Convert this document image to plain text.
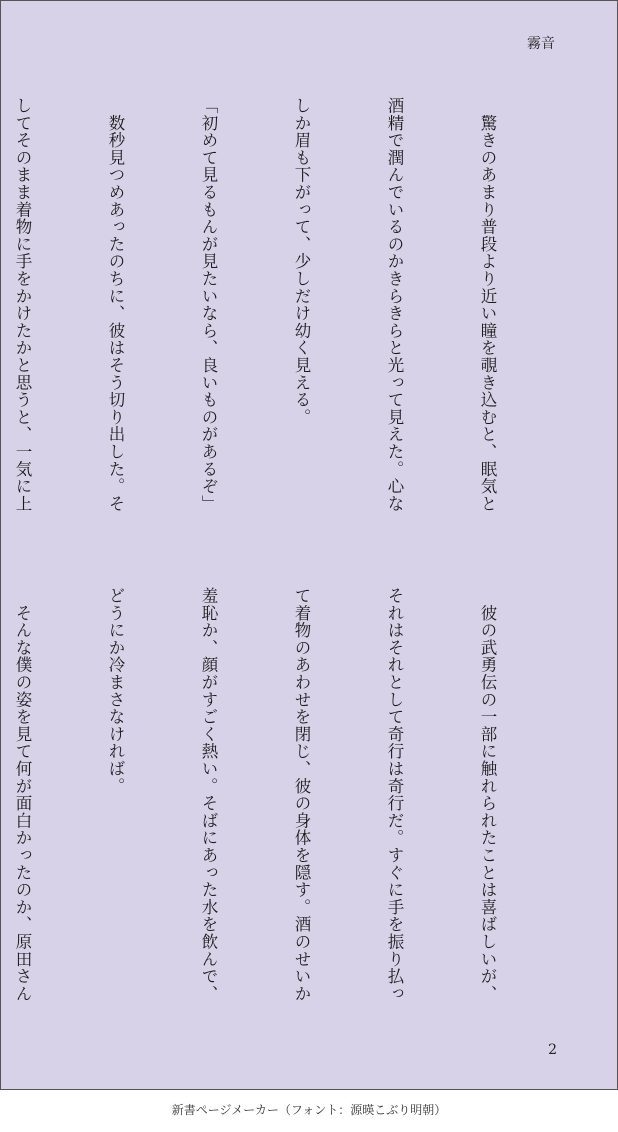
霧音

　驚きのあまり普段より近い瞳を覗き込むと、眠気と

酒精で潤んでいるのかきらきらと光って見えた。心な

しか眉も下がって、少しだけ幼く見える。

「初めて見るもんが見たいなら、良いものがあるぞ」

　数秒見つめあったのちに、彼はそう切り出した。そ

してそのまま着物に手をかけたかと思うと、一気に上

　彼の武勇伝の一部に触れられたことは喜ばしいが、

それはそれとして奇行は奇行だ。すぐに手を振り払っ

て着物のあわせを閉じ、彼の身体を隠す。酒のせいか

羞恥か、顔がすごく熱い。そばにあった水を飲んで、

どうにか冷まさなければ。

　そんな僕の姿を見て何が面白かったのか、原田さん

2
新書ページメーカー（フォント：源暎こぶり明朝）
